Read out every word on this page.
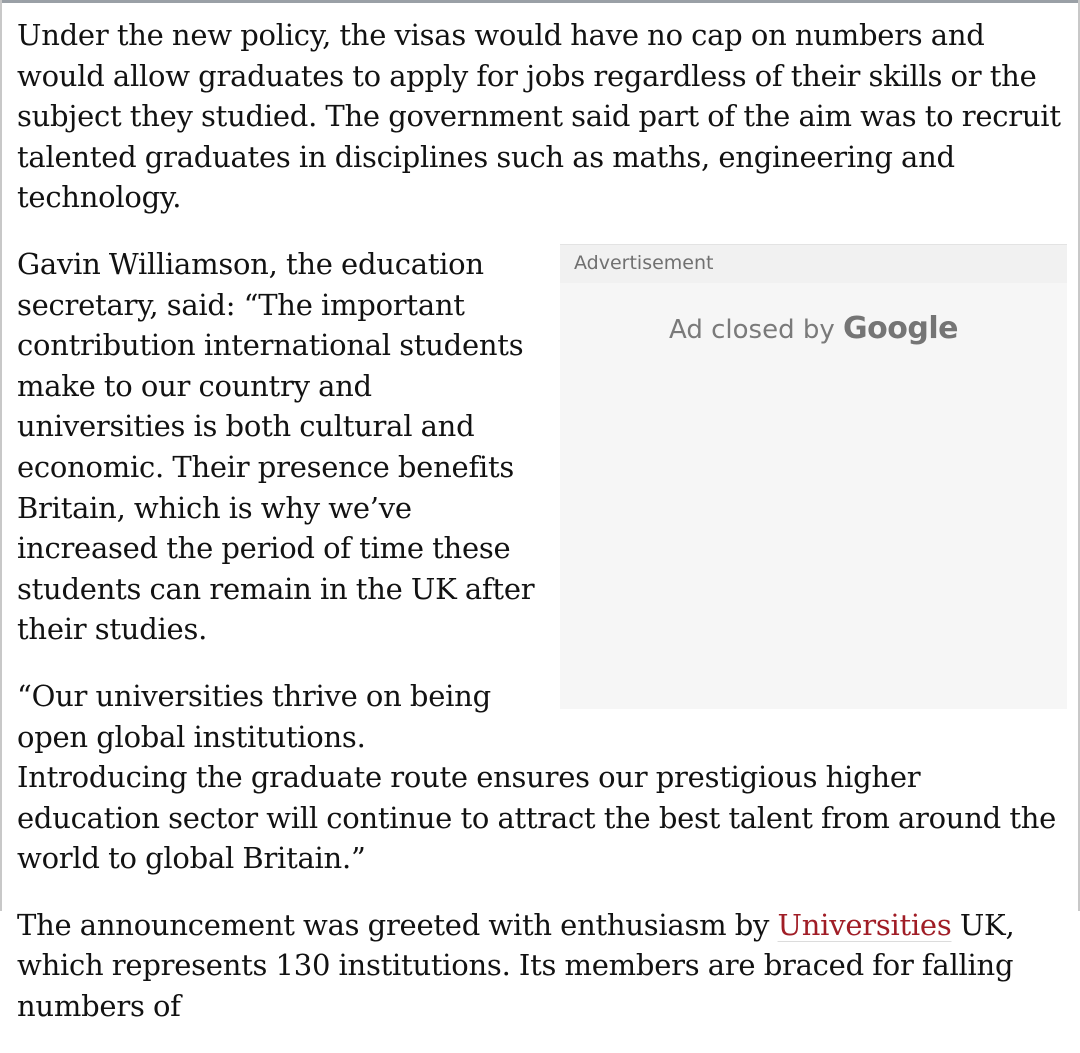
Under the new policy, the visas would have no cap on numbers and would allow graduates to apply for jobs regardless of their skills or the subject they studied. The government said part of the aim was to recruit talented graduates in disciplines such as maths, engineering and technology.

Advertisement
Ad closed by Google

Gavin Williamson, the education secretary, said: “The important contribution international students make to our country and universities is both cultural and economic. Their presence benefits Britain, which is why we’ve increased the period of time these students can remain in the UK after their studies.

“Our universities thrive on being open global institutions. Introducing the graduate route ensures our prestigious higher education sector will continue to attract the best talent from around the world to global Britain.”

The announcement was greeted with enthusiasm by Universities UK, which represents 130 institutions. Its members are braced for falling numbers of
